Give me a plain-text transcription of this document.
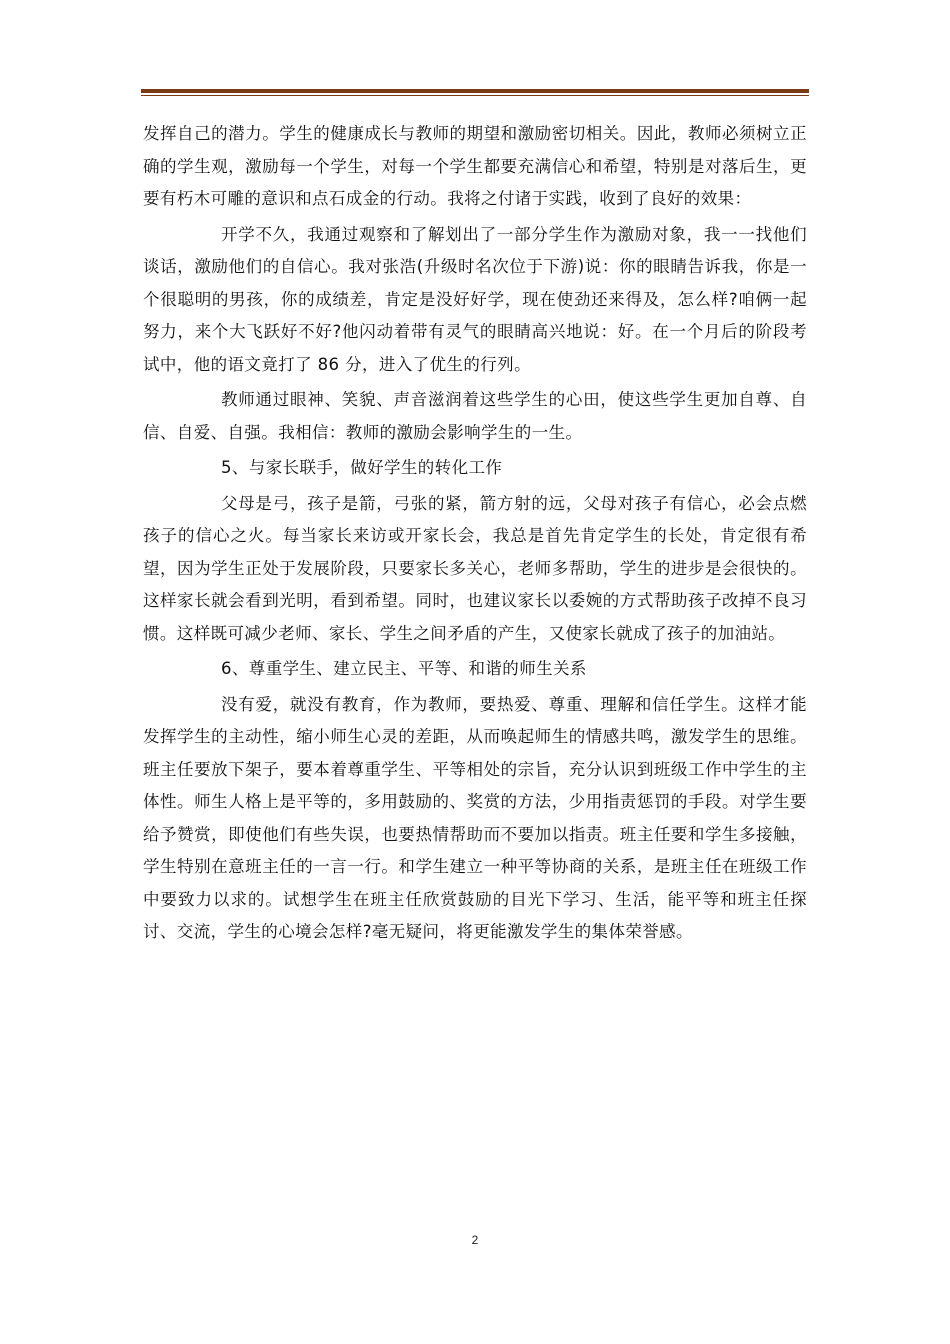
发挥自己的潜力。学生的健康成长与教师的期望和激励密切相关。因此，教师必须树立正确的学生观，激励每一个学生，对每一个学生都要充满信心和希望，特别是对落后生，更要有朽木可雕的意识和点石成金的行动。我将之付诸于实践，收到了良好的效果：

开学不久，我通过观察和了解划出了一部分学生作为激励对象，我一一找他们谈话，激励他们的自信心。我对张浩(升级时名次位于下游)说：你的眼睛告诉我，你是一个很聪明的男孩，你的成绩差，肯定是没好好学，现在使劲还来得及，怎么样?咱俩一起努力，来个大飞跃好不好?他闪动着带有灵气的眼睛高兴地说：好。在一个月后的阶段考试中，他的语文竟打了 86 分，进入了优生的行列。

教师通过眼神、笑貌、声音滋润着这些学生的心田，使这些学生更加自尊、自信、自爱、自强。我相信：教师的激励会影响学生的一生。

5、与家长联手，做好学生的转化工作

父母是弓，孩子是箭，弓张的紧，箭方射的远，父母对孩子有信心，必会点燃孩子的信心之火。每当家长来访或开家长会，我总是首先肯定学生的长处，肯定很有希望，因为学生正处于发展阶段，只要家长多关心，老师多帮助，学生的进步是会很快的。这样家长就会看到光明，看到希望。同时，也建议家长以委婉的方式帮助孩子改掉不良习惯。这样既可减少老师、家长、学生之间矛盾的产生，又使家长就成了孩子的加油站。

6、尊重学生、建立民主、平等、和谐的师生关系

没有爱，就没有教育，作为教师，要热爱、尊重、理解和信任学生。这样才能发挥学生的主动性，缩小师生心灵的差距，从而唤起师生的情感共鸣，激发学生的思维。班主任要放下架子，要本着尊重学生、平等相处的宗旨，充分认识到班级工作中学生的主体性。师生人格上是平等的，多用鼓励的、奖赏的方法，少用指责惩罚的手段。对学生要给予赞赏，即使他们有些失误，也要热情帮助而不要加以指责。班主任要和学生多接触，学生特别在意班主任的一言一行。和学生建立一种平等协商的关系，是班主任在班级工作中要致力以求的。试想学生在班主任欣赏鼓励的目光下学习、生活，能平等和班主任探讨、交流，学生的心境会怎样?毫无疑问，将更能激发学生的集体荣誉感。

2
